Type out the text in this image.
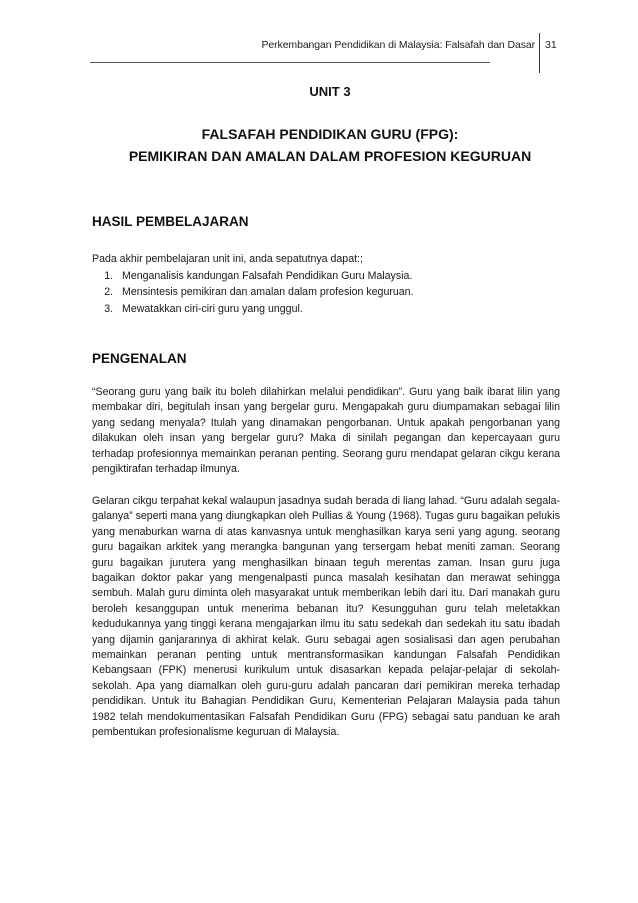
Perkembangan Pendidikan di Malaysia: Falsafah dan Dasar 31
UNIT 3
FALSAFAH PENDIDIKAN GURU (FPG):
PEMIKIRAN DAN AMALAN DALAM PROFESION KEGURUAN
HASIL PEMBELAJARAN
Pada akhir pembelajaran unit ini, anda sepatutnya dapat:;
1. Menganalisis kandungan Falsafah Pendidikan Guru Malaysia.
2. Mensintesis pemikiran dan amalan dalam profesion keguruan.
3. Mewatakkan ciri-ciri guru yang unggul.
PENGENALAN

“Seorang guru yang baik itu boleh dilahirkan melalui pendidikan”. Guru yang baik ibarat lilin yang membakar diri, begitulah insan yang bergelar guru. Mengapakah guru diumpamakan sebagai lilin yang sedang menyala? Itulah yang dinamakan pengorbanan. Untuk apakah pengorbanan yang dilakukan oleh insan yang bergelar guru? Maka di sinilah pegangan dan kepercayaan guru terhadap profesionnya memainkan peranan penting. Seorang guru mendapat gelaran cikgu kerana pengiktirafan terhadap ilmunya.

Gelaran cikgu terpahat kekal walaupun jasadnya sudah berada di liang lahad. “Guru adalah segala-galanya” seperti mana yang diungkapkan oleh Pullias & Young (1968). Tugas guru bagaikan pelukis yang menaburkan warna di atas kanvasnya untuk menghasilkan karya seni yang agung. seorang guru bagaikan arkitek yang merangka bangunan yang tersergam hebat meniti zaman. Seorang guru bagaikan jurutera yang menghasilkan binaan teguh merentas zaman. Insan guru juga bagaikan doktor pakar yang mengenalpasti punca masalah kesihatan dan merawat sehingga sembuh. Malah guru diminta oleh masyarakat untuk memberikan lebih dari itu. Dari manakah guru beroleh kesanggupan untuk menerima bebanan itu? Kesungguhan guru telah meletakkan kedudukannya yang tinggi kerana mengajarkan ilmu itu satu sedekah dan sedekah itu satu ibadah yang dijamin ganjarannya di akhirat kelak. Guru sebagai agen sosialisasi dan agen perubahan memainkan peranan penting untuk mentransformasikan kandungan Falsafah Pendidikan Kebangsaan (FPK) menerusi kurikulum untuk disasarkan kepada pelajar-pelajar di sekolah-sekolah. Apa yang diamalkan oleh guru-guru adalah pancaran dari pemikiran mereka terhadap pendidikan. Untuk itu Bahagian Pendidikan Guru, Kementerian Pelajaran Malaysia pada tahun 1982 telah mendokumentasikan Falsafah Pendidikan Guru (FPG) sebagai satu panduan ke arah pembentukan profesionalisme keguruan di Malaysia.
